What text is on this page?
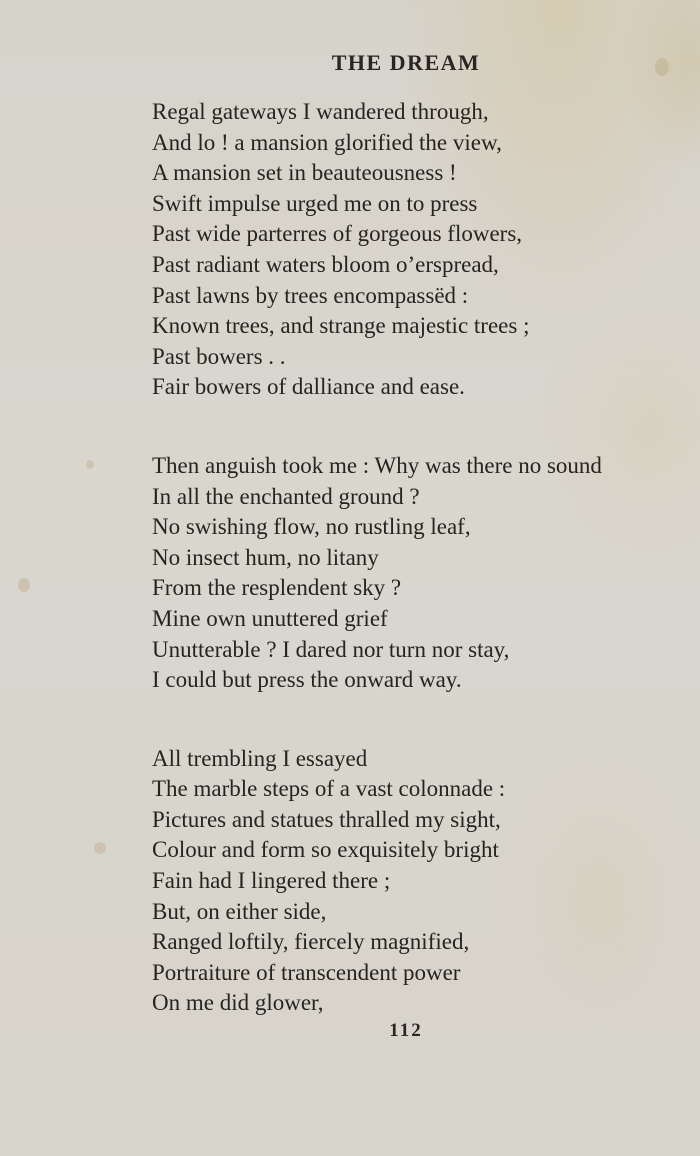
THE DREAM

Regal gateways I wandered through,
And lo ! a mansion glorified the view,
A mansion set in beauteousness !
Swift impulse urged me on to press
Past wide parterres of gorgeous flowers,
Past radiant waters bloom o’erspread,
Past lawns by trees encompassëd :
Known trees, and strange majestic trees ;
Past bowers . .
Fair bowers of dalliance and ease.

Then anguish took me : Why was there no sound
In all the enchanted ground ?
No swishing flow, no rustling leaf,
No insect hum, no litany
From the resplendent sky ?
Mine own unuttered grief
Unutterable ? I dared nor turn nor stay,
I could but press the onward way.

All trembling I essayed
The marble steps of a vast colonnade :
Pictures and statues thralled my sight,
Colour and form so exquisitely bright
Fain had I lingered there ;
But, on either side,
Ranged loftily, fiercely magnified,
Portraiture of transcendent power
On me did glower,

112
